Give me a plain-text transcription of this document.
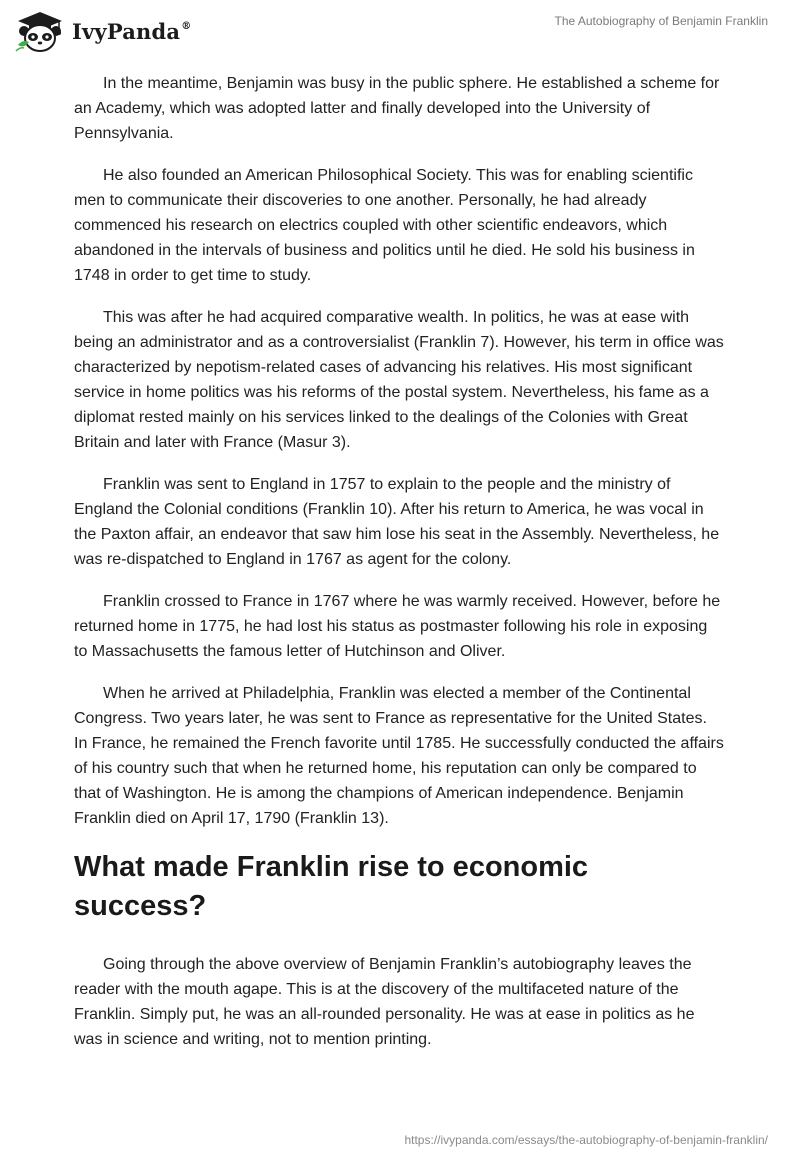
IvyPanda®	The Autobiography of Benjamin Franklin

In the meantime, Benjamin was busy in the public sphere. He established a scheme for an Academy, which was adopted latter and finally developed into the University of Pennsylvania.

He also founded an American Philosophical Society. This was for enabling scientific men to communicate their discoveries to one another. Personally, he had already commenced his research on electrics coupled with other scientific endeavors, which abandoned in the intervals of business and politics until he died. He sold his business in 1748 in order to get time to study.

This was after he had acquired comparative wealth. In politics, he was at ease with being an administrator and as a controversialist (Franklin 7). However, his term in office was characterized by nepotism-related cases of advancing his relatives. His most significant service in home politics was his reforms of the postal system. Nevertheless, his fame as a diplomat rested mainly on his services linked to the dealings of the Colonies with Great Britain and later with France (Masur 3).

Franklin was sent to England in 1757 to explain to the people and the ministry of England the Colonial conditions (Franklin 10). After his return to America, he was vocal in the Paxton affair, an endeavor that saw him lose his seat in the Assembly. Nevertheless, he was re-dispatched to England in 1767 as agent for the colony.

Franklin crossed to France in 1767 where he was warmly received. However, before he returned home in 1775, he had lost his status as postmaster following his role in exposing to Massachusetts the famous letter of Hutchinson and Oliver.

When he arrived at Philadelphia, Franklin was elected a member of the Continental Congress. Two years later, he was sent to France as representative for the United States. In France, he remained the French favorite until 1785. He successfully conducted the affairs of his country such that when he returned home, his reputation can only be compared to that of Washington. He is among the champions of American independence. Benjamin Franklin died on April 17, 1790 (Franklin 13).

What made Franklin rise to economic success?

Going through the above overview of Benjamin Franklin’s autobiography leaves the reader with the mouth agape. This is at the discovery of the multifaceted nature of the Franklin. Simply put, he was an all-rounded personality. He was at ease in politics as he was in science and writing, not to mention printing.

https://ivypanda.com/essays/the-autobiography-of-benjamin-franklin/
